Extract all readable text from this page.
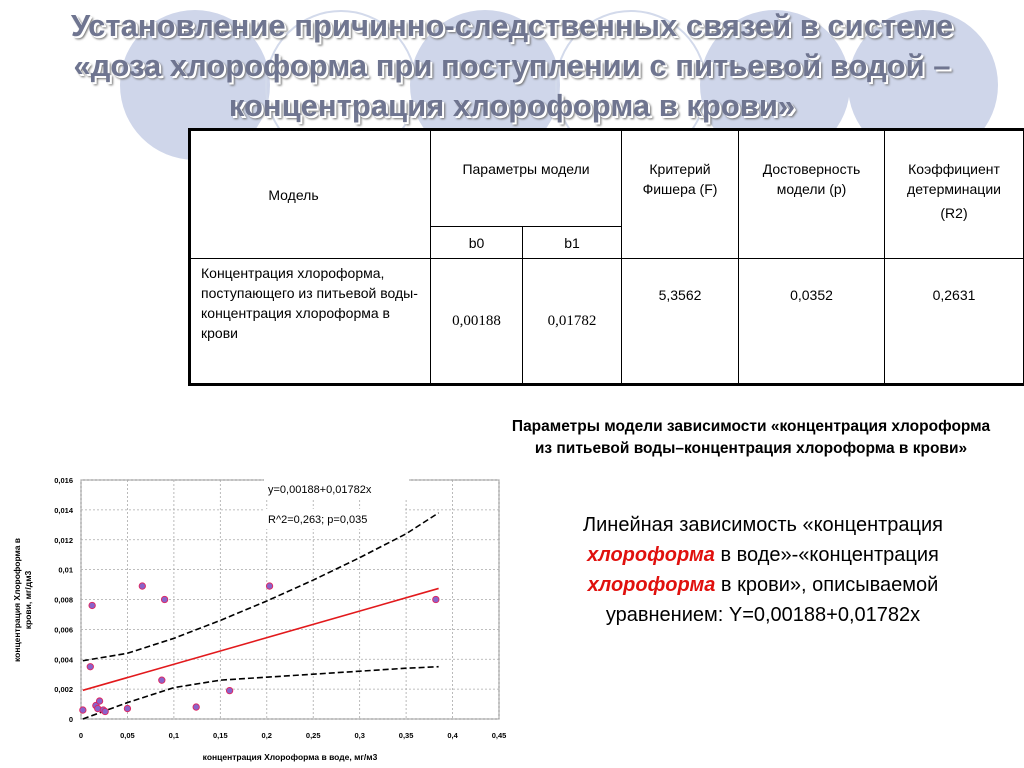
Установление причинно-следственных связей в системе
«доза хлороформа при поступлении с питьевой водой –
концентрация хлороформа в крови»
Модель	Параметры модели		Критерий Фишера (F)	Достоверность модели (p)	Коэффициент детерминации
(R2)

	b0	b1			
Концентрация хлороформа, поступающего из питьевой воды-концентрация хлороформа в крови	0,00188	0,01782	5,3562	0,0352	0,2631
Параметры модели зависимости «концентрация хлороформа из питьевой воды–концентрация хлороформа в крови»
Линейная зависимость «концентрация хлороформа в воде»-«концентрация хлороформа в крови», описываемой уравнением: Y=0,00188+0,01782x
0	0,05	0,1	0,15	0,2	0,25	0,3	0,35	0,4	0,45
0
0,002
0,004
0,006
0,008
0,01
0,012
0,014
0,016
y=0,00188+0,01782x
R^2=0,263; p=0,035
концентрация Хлороформа в воде, мг/м3
концентрация Хлороформа вкрови, мг/дм3
